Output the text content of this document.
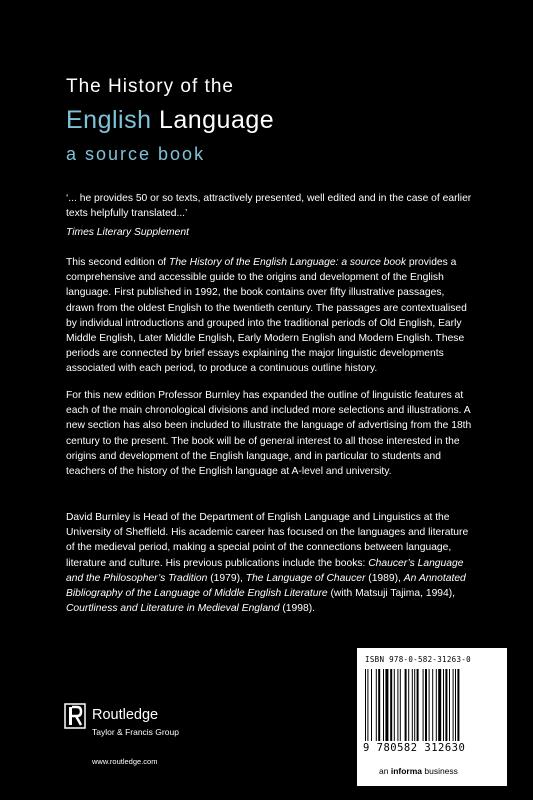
The History of the
English Language
a source book
‘... he provides 50 or so texts, attractively presented, well edited and in the case of earlier texts helpfully translated...’
Times Literary Supplement
This second edition of The History of the English Language: a source book provides a comprehensive and accessible guide to the origins and development of the English language. First published in 1992, the book contains over fifty illustrative passages, drawn from the oldest English to the twentieth century. The passages are contextualised by individual introductions and grouped into the traditional periods of Old English, Early Middle English, Later Middle English, Early Modern English and Modern English. These periods are connected by brief essays explaining the major linguistic developments associated with each period, to produce a continuous outline history.
For this new edition Professor Burnley has expanded the outline of linguistic features at each of the main chronological divisions and included more selections and illustrations. A new section has also been included to illustrate the language of advertising from the 18th century to the present. The book will be of general interest to all those interested in the origins and development of the English language, and in particular to students and teachers of the history of the English language at A-level and university.
David Burnley is Head of the Department of English Language and Linguistics at the University of Sheffield. His academic career has focused on the languages and literature of the medieval period, making a special point of the connections between language, literature and culture. His previous publications include the books: Chaucer’s Language and the Philosopher’s Tradition (1979), The Language of Chaucer (1989), An Annotated Bibliography of the Language of Middle English Literature (with Matsuji Tajima, 1994), Courtliness and Literature in Medieval England (1998).
ISBN 978-0-582-31263-0
9 780582 312630
an informa business
Routledge
Taylor & Francis Group
www.routledge.com
